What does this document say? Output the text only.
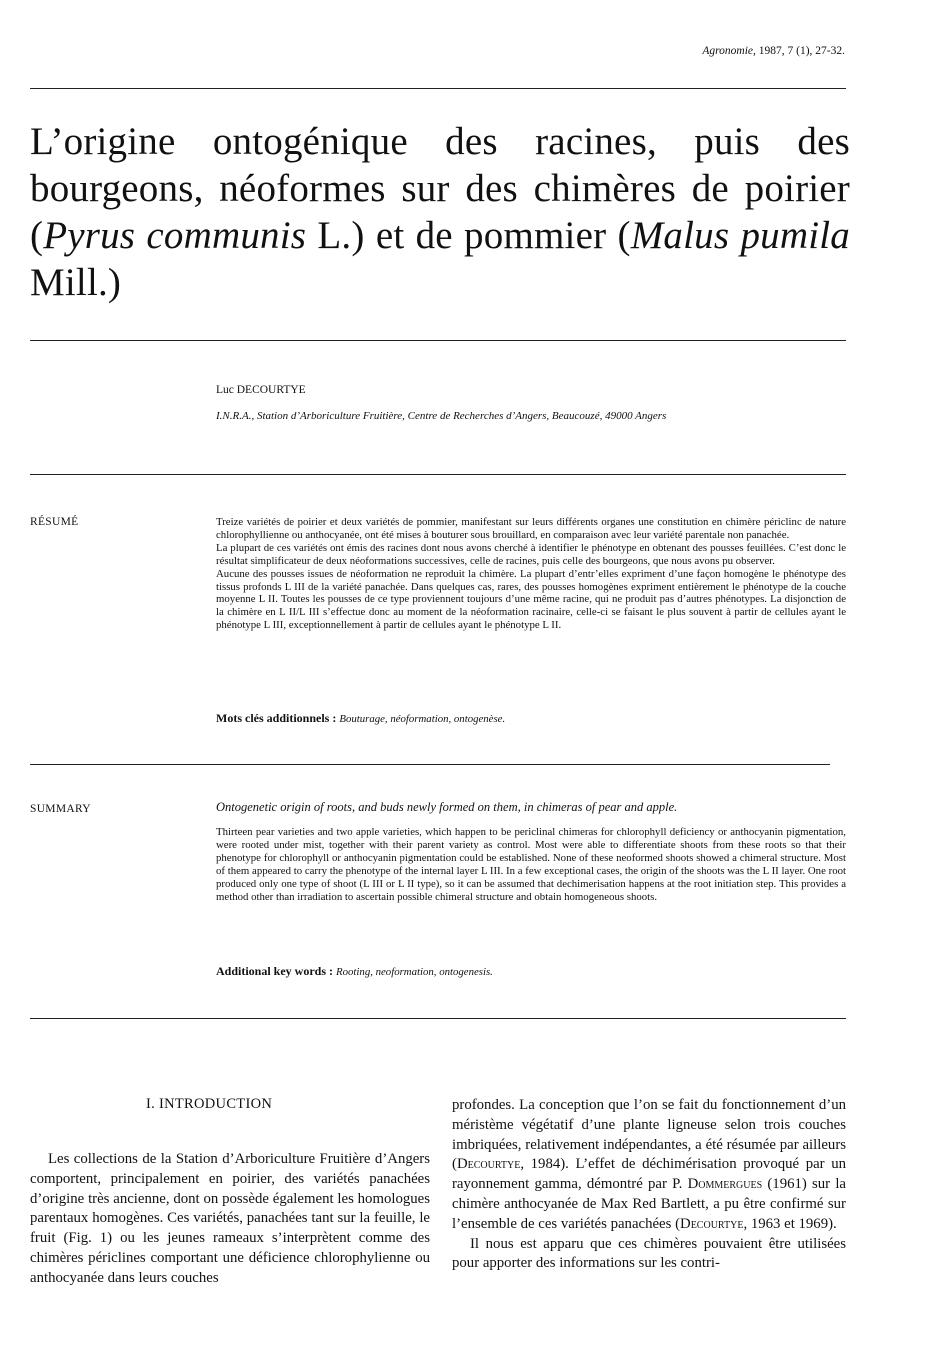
Agronomie, 1987, 7 (1), 27-32.
L’origine ontogénique des racines, puis des bourgeons, néoformes sur des chimères de poirier (Pyrus communis L.) et de pommier (Malus pumila Mill.)
Luc DECOURTYE
I.N.R.A., Station d’Arboriculture Fruitière, Centre de Recherches d’Angers, Beaucouzé, 49000 Angers
RÉSUMÉ	Treize variétés de poirier et deux variétés de pommier, manifestant sur leurs différents organes une constitution en chimère périclinc de nature chlorophyllienne ou anthocyanée, ont été mises à bouturer sous brouillard, en comparaison avec leur variété parentale non panachée.

La plupart de ces variétés ont émis des racines dont nous avons cherché à identifier le phénotype en obtenant des pousses feuillées. C’est donc le résultat simplificateur de deux néoformations successives, celle de racines, puis celle des bourgeons, que nous avons pu observer.

Aucune des pousses issues de néoformation ne reproduit la chimère. La plupart d’entr’elles expriment d’une façon homogène le phénotype des tissus profonds L III de la variété panachée. Dans quelques cas, rares, des pousses homogènes expriment entièrement le phénotype de la couche moyenne L II. Toutes les pousses de ce type proviennent toujours d’une même racine, qui ne produit pas d’autres phénotypes. La disjonction de la chimère en L II/L III s’effectue donc au moment de la néoformation racinaire, celle-ci se faisant le plus souvent à partir de cellules ayant le phénotype L III, exceptionnellement à partir de cellules ayant le phénotype L II.

Mots clés additionnels : Bouturage, néoformation, ontogenèse.
SUMMARY	Ontogenetic origin of roots, and buds newly formed on them, in chimeras of pear and apple.

Thirteen pear varieties and two apple varieties, which happen to be periclinal chimeras for chlorophyll deficiency or anthocyanin pigmentation, were rooted under mist, together with their parent variety as control. Most were able to differentiate shoots from these roots so that their phenotype for chlorophyll or anthocyanin pigmentation could be established. None of these neoformed shoots showed a chimeral structure. Most of them appeared to carry the phenotype of the internal layer L III. In a few exceptional cases, the origin of the shoots was the L II layer. One root produced only one type of shoot (L III or L II type), so it can be assumed that dechimerisation happens at the root initiation step. This provides a method other than irradiation to ascertain possible chimeral structure and obtain homogeneous shoots.

Additional key words : Rooting, neoformation, ontogenesis.
I. INTRODUCTION

Les collections de la Station d’Arboriculture Fruitière d’Angers comportent, principalement en poirier, des variétés panachées d’origine très ancienne, dont on possède également les homologues parentaux homogènes. Ces variétés, panachées tant sur la feuille, le fruit (Fig. 1) ou les jeunes rameaux s’interprètent comme des chimères périclines comportant une déficience chlorophylienne ou anthocyanée dans leurs couches

profondes. La conception que l’on se fait du fonctionnement d’un méristème végétatif d’une plante ligneuse selon trois couches imbriquées, relativement indépendantes, a été résumée par ailleurs (Decourtye, 1984). L’effet de déchimérisation provoqué par un rayonnement gamma, démontré par P. Dommergues (1961) sur la chimère anthocyanée de Max Red Bartlett, a pu être confirmé sur l’ensemble de ces variétés panachées (Decourtye, 1963 et 1969).

Il nous est apparu que ces chimères pouvaient être utilisées pour apporter des informations sur les contri-
